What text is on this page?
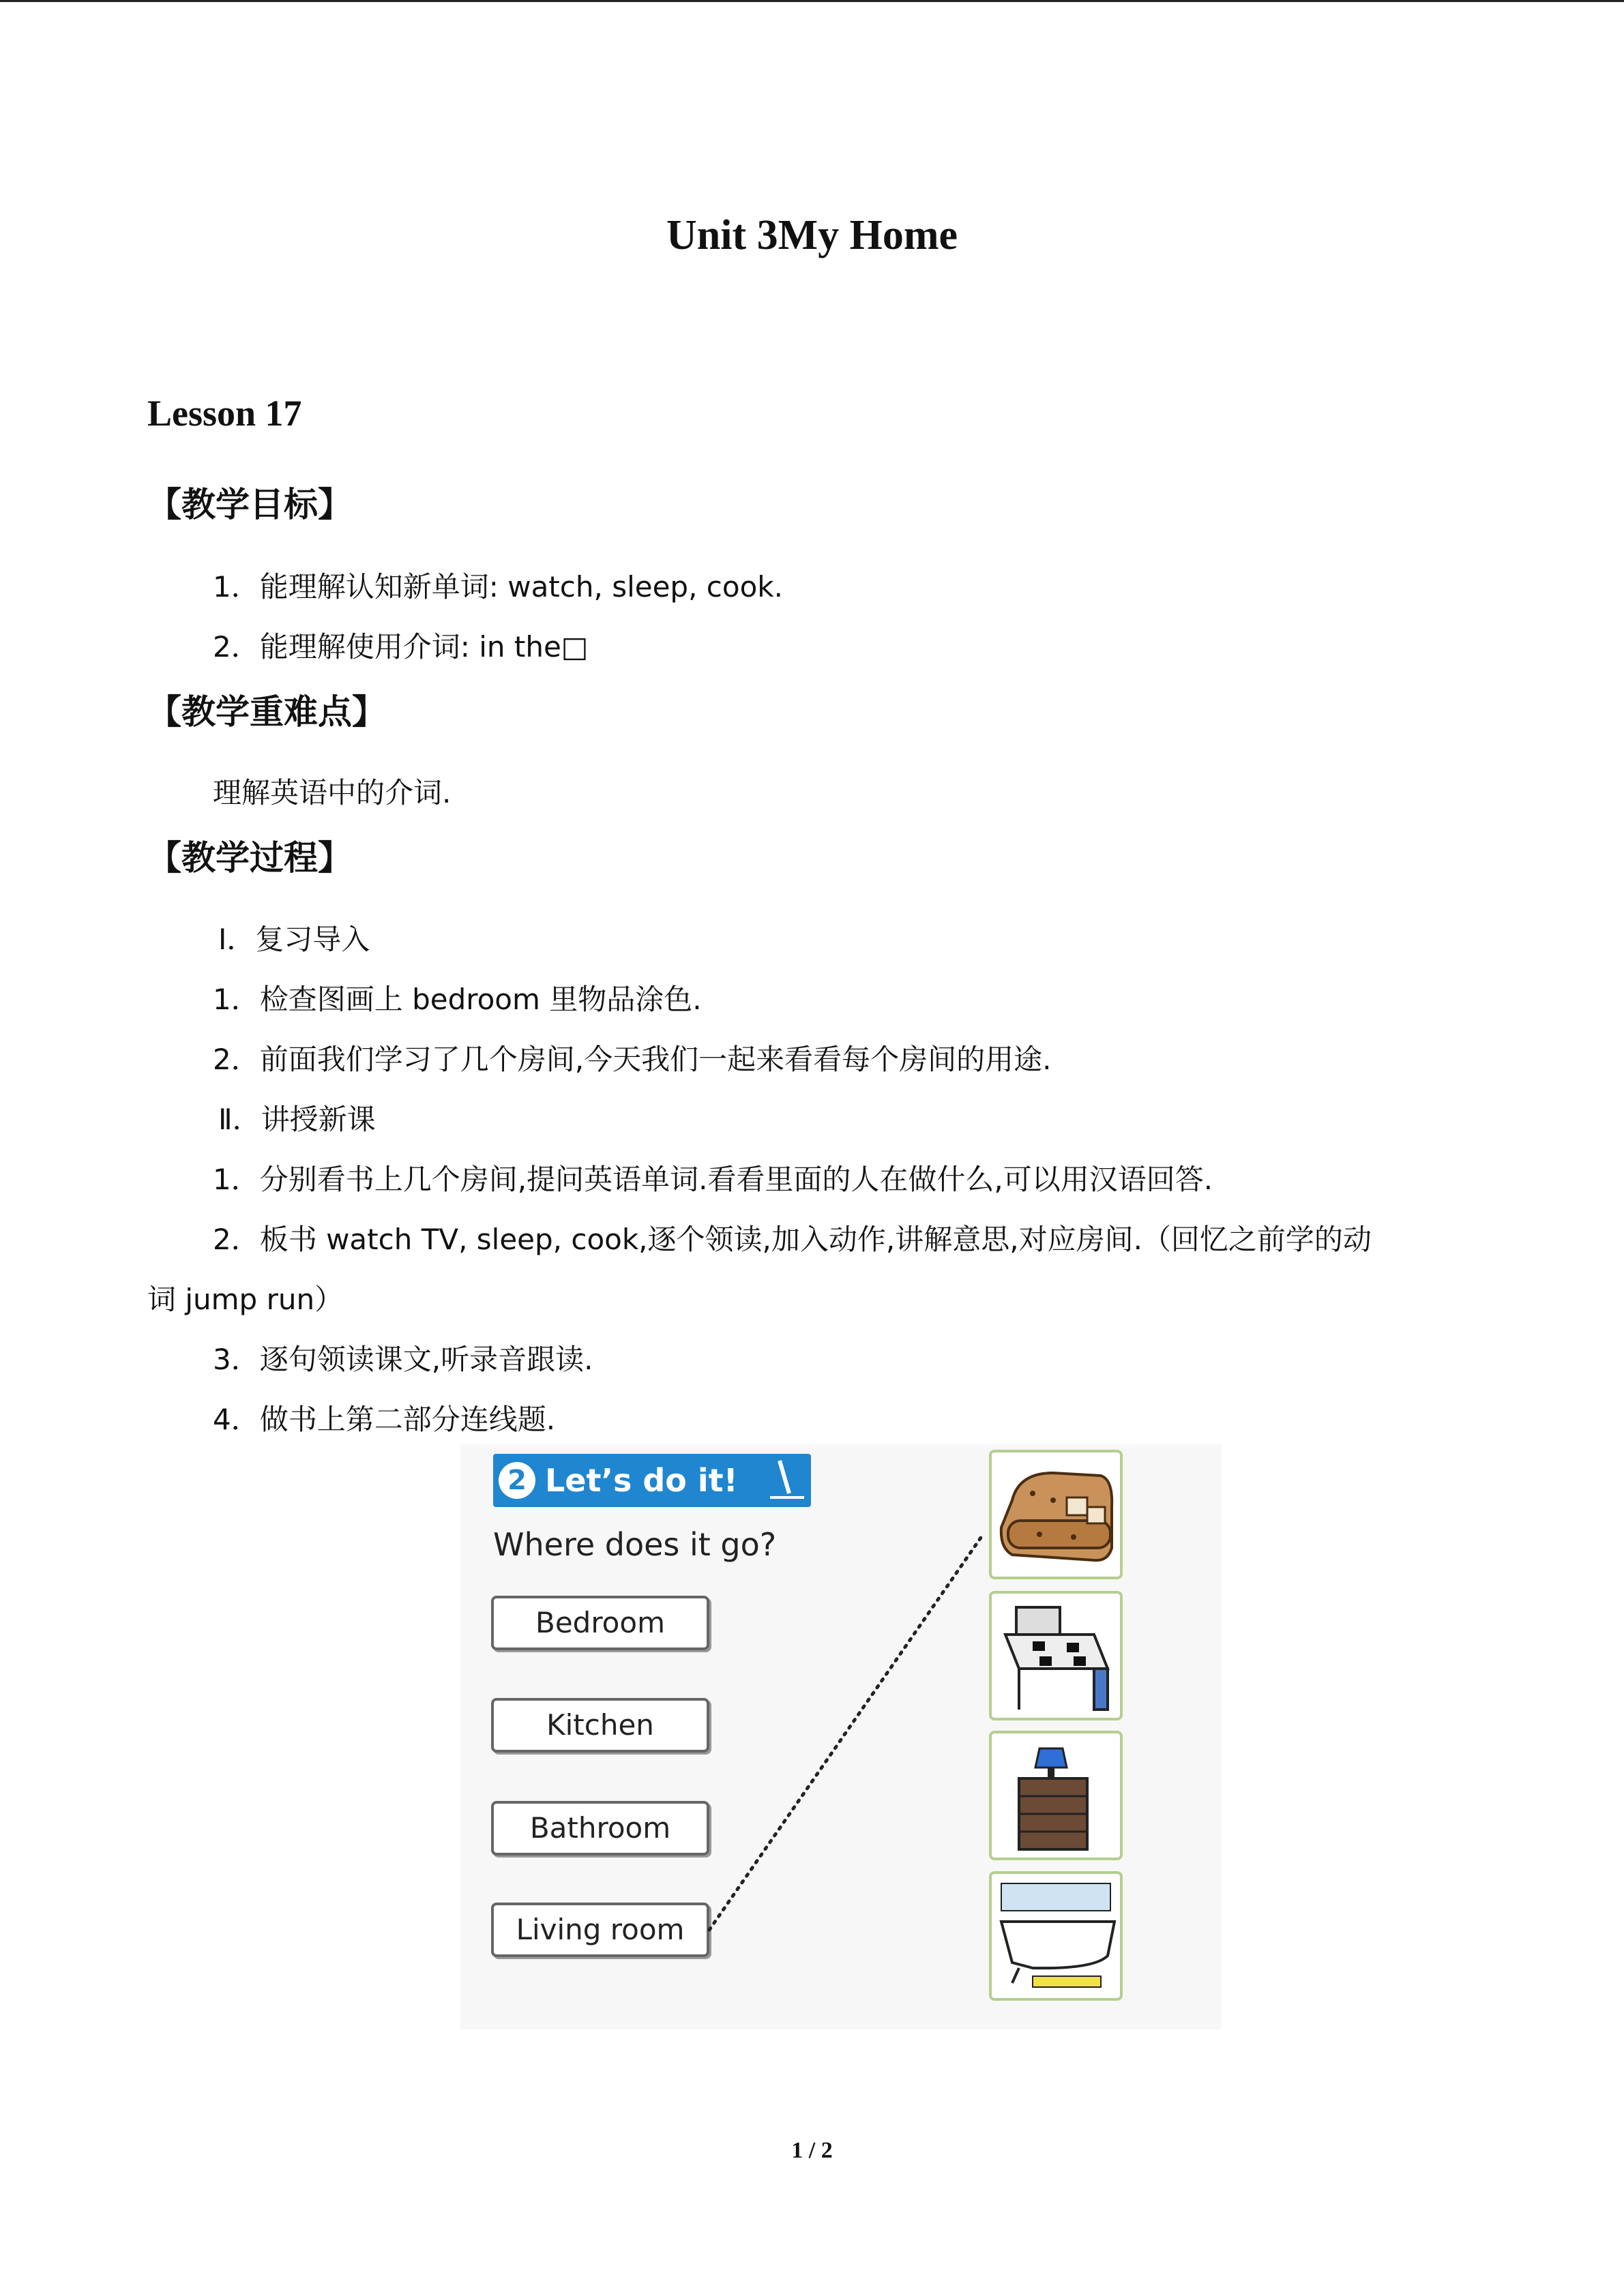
Unit 3My Home
Lesson 17
【教学目标】
1．能理解认知新单词: watch, sleep, cook.
2．能理解使用介词: in the□
【教学重难点】
理解英语中的介词.
【教学过程】
Ⅰ．复习导入
1．检查图画上 bedroom 里物品涂色.
2．前面我们学习了几个房间,今天我们一起来看看每个房间的用途.
Ⅱ．讲授新课
1．分别看书上几个房间,提问英语单词.看看里面的人在做什么,可以用汉语回答.
2．板书 watch TV, sleep, cook,逐个领读,加入动作,讲解意思,对应房间.（回忆之前学的动
词 jump run）
3．逐句领读课文,听录音跟读.
4．做书上第二部分连线题.
2 Let’s do it!
Where does it go?
Bedroom
Kitchen
Bathroom
Living room
1 / 2
